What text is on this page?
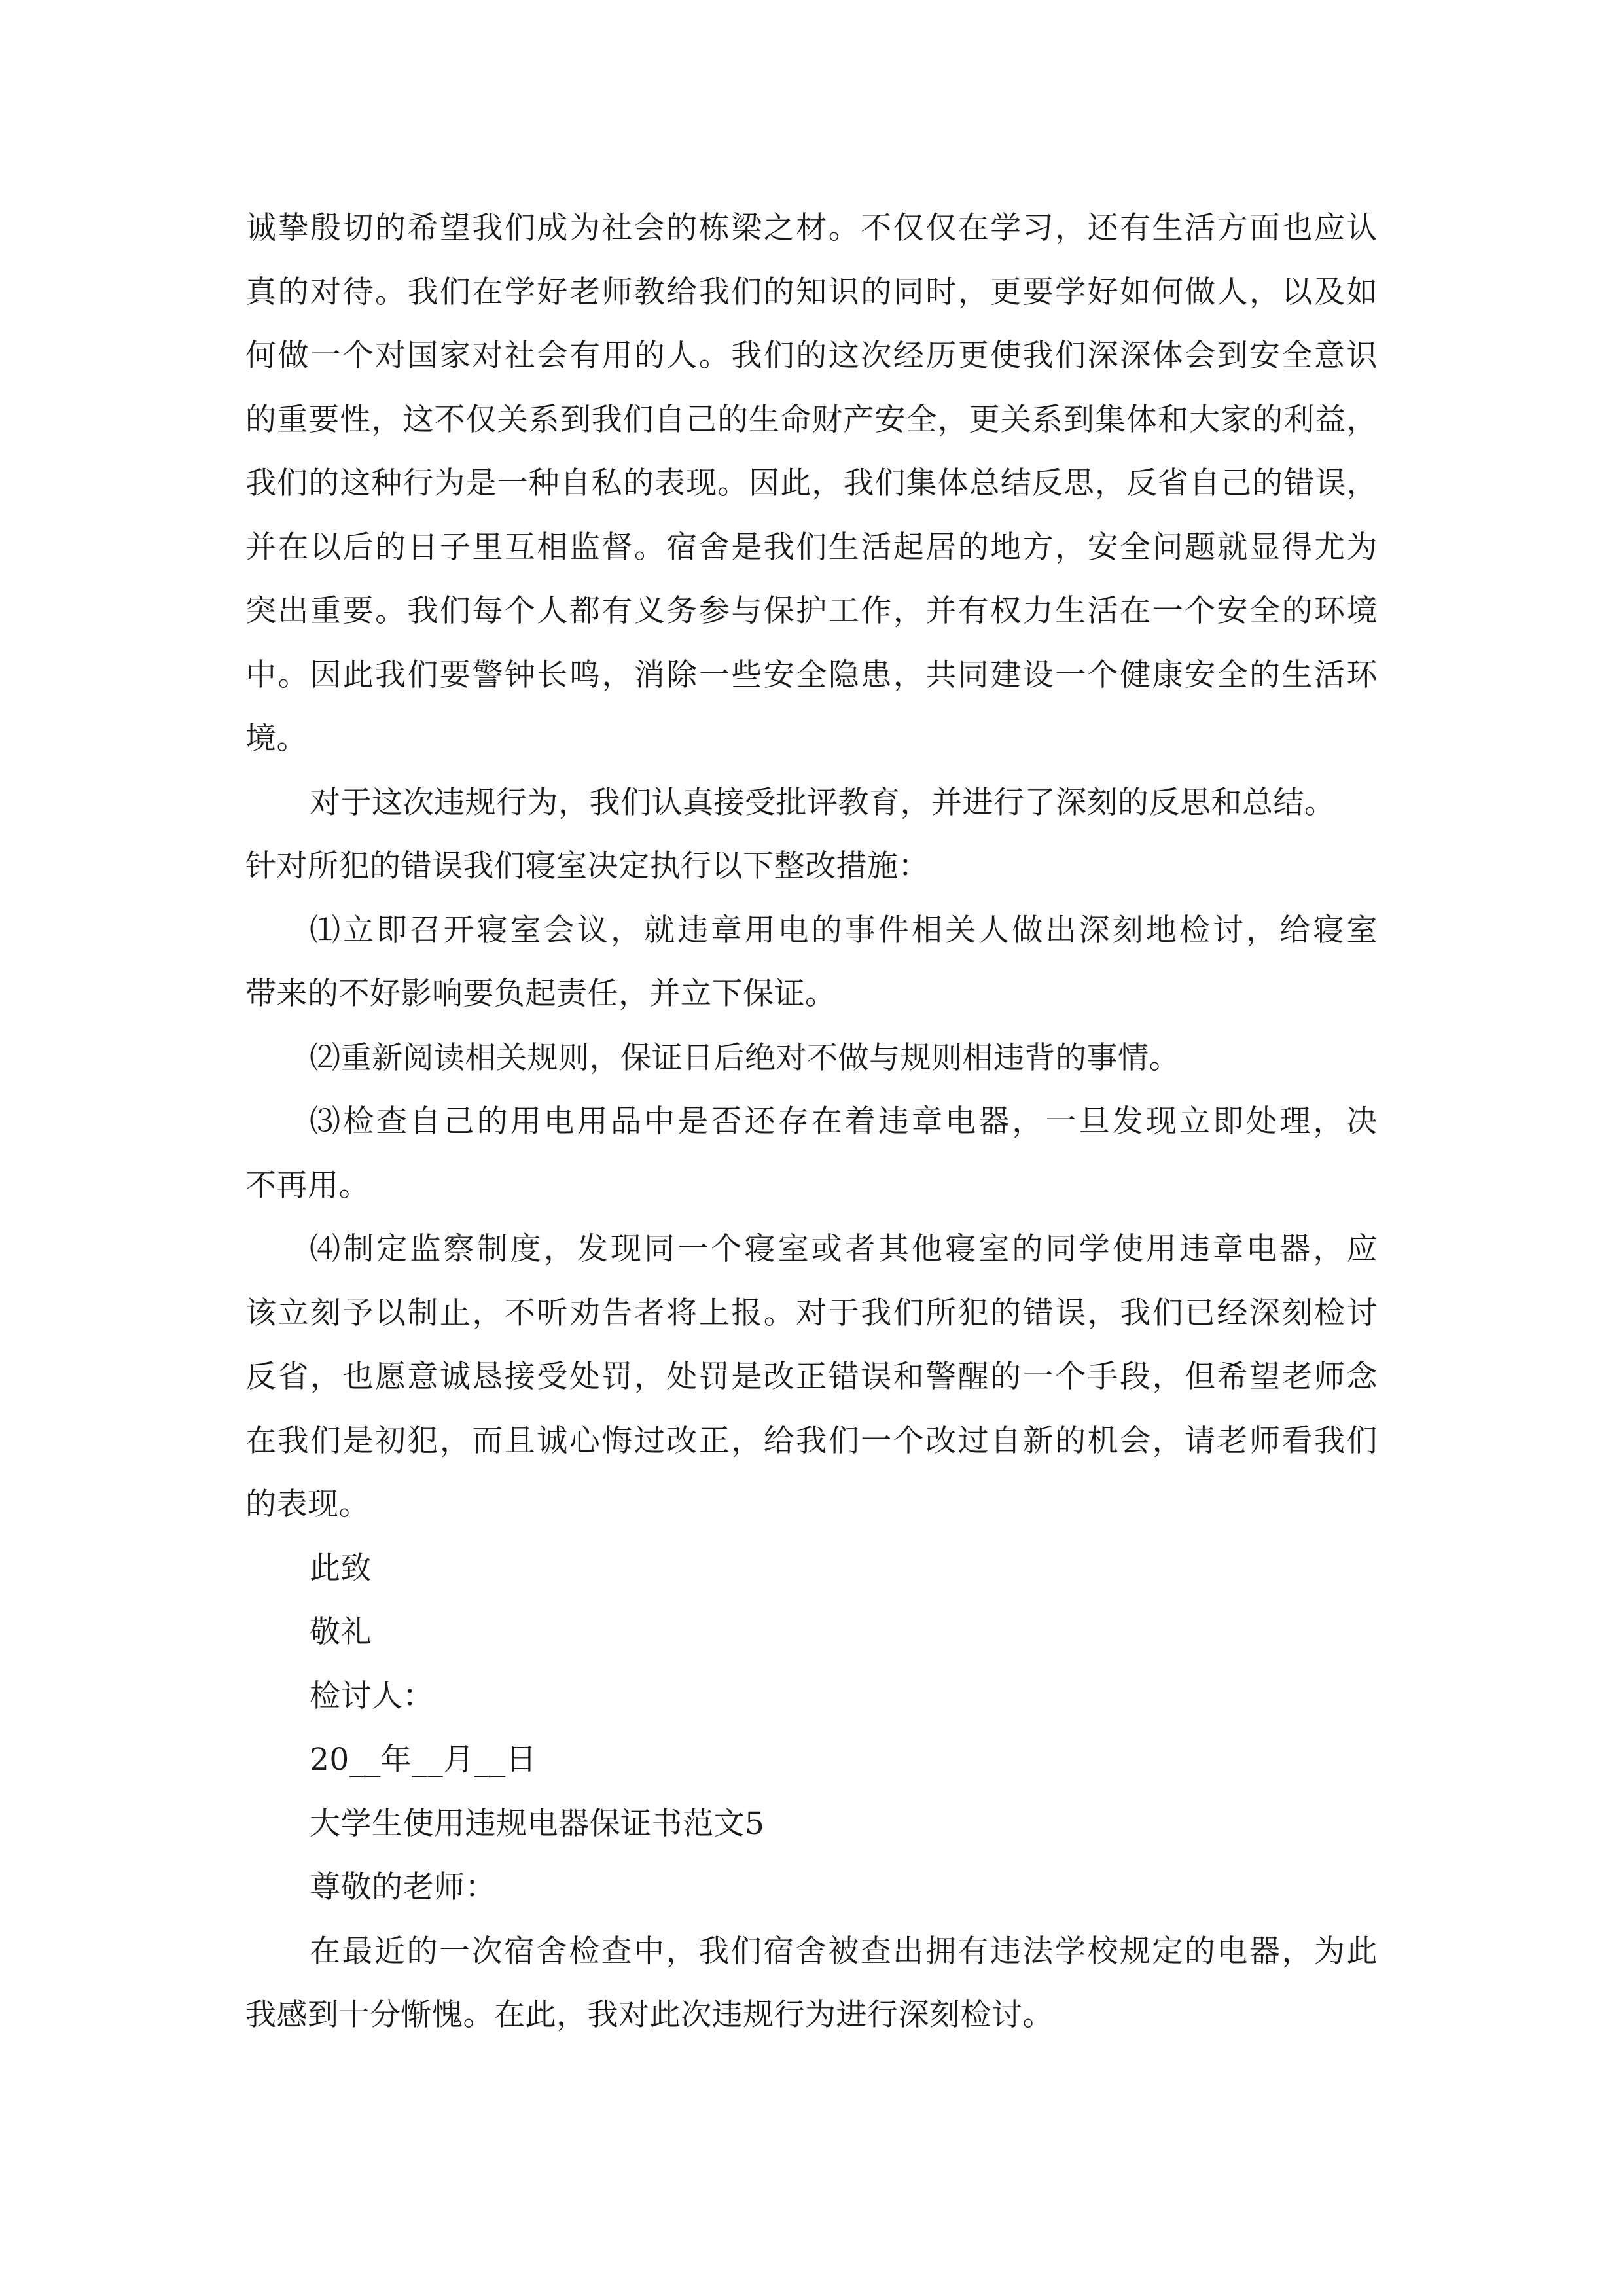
诚挚殷切的希望我们成为社会的栋梁之材。不仅仅在学习，还有生活方面也应认
真的对待。我们在学好老师教给我们的知识的同时，更要学好如何做人，以及如
何做一个对国家对社会有用的人。我们的这次经历更使我们深深体会到安全意识
的重要性，这不仅关系到我们自己的生命财产安全，更关系到集体和大家的利益，
我们的这种行为是一种自私的表现。因此，我们集体总结反思，反省自己的错误，
并在以后的日子里互相监督。宿舍是我们生活起居的地方，安全问题就显得尤为
突出重要。我们每个人都有义务参与保护工作，并有权力生活在一个安全的环境
中。因此我们要警钟长鸣，消除一些安全隐患，共同建设一个健康安全的生活环
境。
对于这次违规行为，我们认真接受批评教育，并进行了深刻的反思和总结。
针对所犯的错误我们寝室决定执行以下整改措施：
⑴立即召开寝室会议，就违章用电的事件相关人做出深刻地检讨，给寝室
带来的不好影响要负起责任，并立下保证。
⑵重新阅读相关规则，保证日后绝对不做与规则相违背的事情。
⑶检查自己的用电用品中是否还存在着违章电器，一旦发现立即处理，决
不再用。
⑷制定监察制度，发现同一个寝室或者其他寝室的同学使用违章电器，应
该立刻予以制止，不听劝告者将上报。对于我们所犯的错误，我们已经深刻检讨
反省，也愿意诚恳接受处罚，处罚是改正错误和警醒的一个手段，但希望老师念
在我们是初犯，而且诚心悔过改正，给我们一个改过自新的机会，请老师看我们
的表现。
此致
敬礼
检讨人：
20__年__月__日
大学生使用违规电器保证书范文5
尊敬的老师：
在最近的一次宿舍检查中，我们宿舍被查出拥有违法学校规定的电器，为此
我感到十分惭愧。在此，我对此次违规行为进行深刻检讨。
